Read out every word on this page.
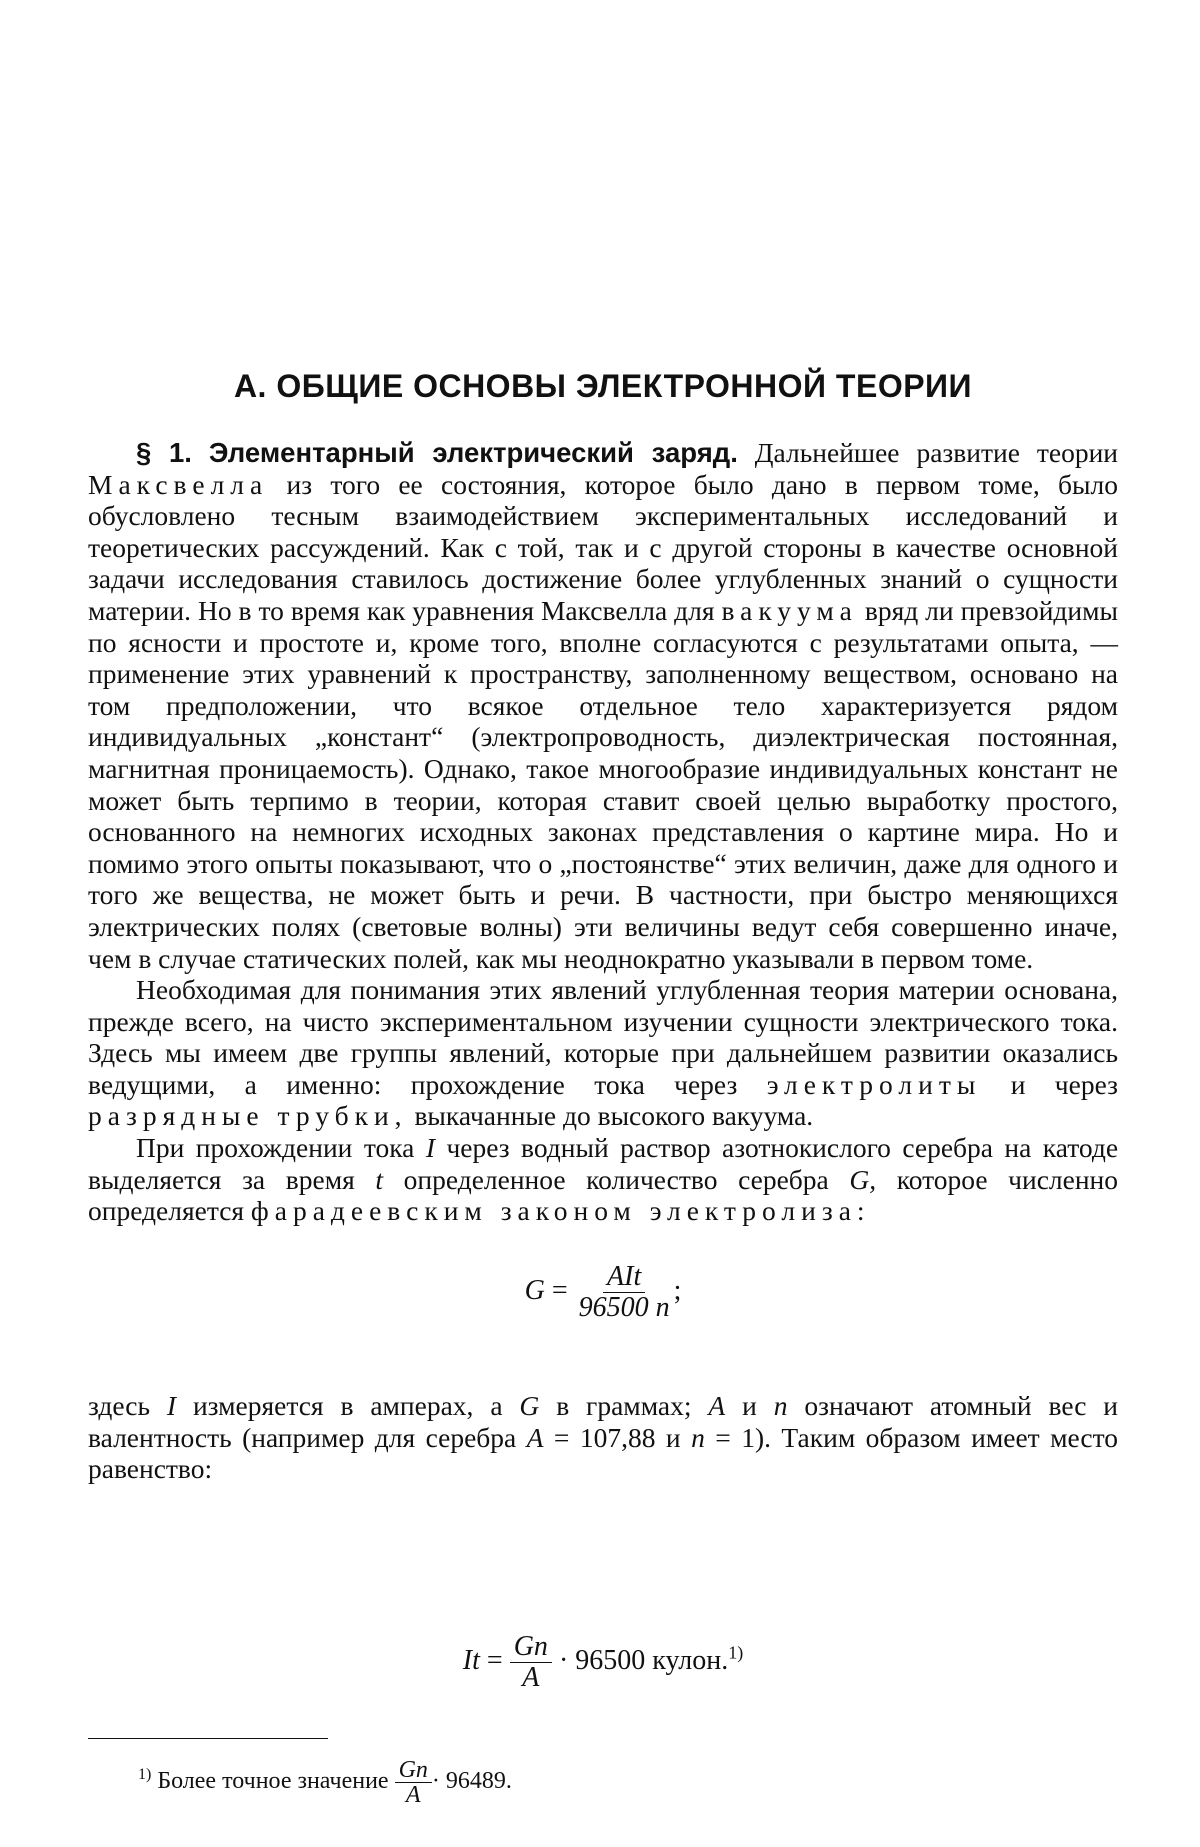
А. ОБЩИЕ ОСНОВЫ ЭЛЕКТРОННОЙ ТЕОРИИ

§ 1. Элементарный электрический заряд. Дальнейшее развитие теории Максвелла из того ее состояния, которое было дано в первом томе, было обусловлено тесным взаимодействием экспериментальных исследований и теоретических рассуждений. Как с той, так и с другой стороны в качестве основной задачи исследования ставилось достижение более углубленных знаний о сущности материи. Но в то время как уравнения Максвелла для вакуума вряд ли превзойдимы по ясности и простоте и, кроме того, вполне согласуются с результатами опыта, — применение этих уравнений к пространству, заполненному веществом, основано на том предположении, что всякое отдельное тело характеризуется рядом индивидуальных „констант“ (электропроводность, диэлектрическая постоянная, магнитная проницаемость). Однако, такое многообразие индивидуальных констант не может быть терпимо в теории, которая ставит своей целью выработку простого, основанного на немногих исходных законах представления о картине мира. Но и помимо этого опыты показывают, что о „постоянстве“ этих величин, даже для одного и того же вещества, не может быть и речи. В частности, при быстро меняющихся электрических полях (световые волны) эти величины ведут себя совершенно иначе, чем в случае статических полей, как мы неоднократно указывали в первом томе.

Необходимая для понимания этих явлений углубленная теория материи основана, прежде всего, на чисто экспериментальном изучении сущности электрического тока. Здесь мы имеем две группы явлений, которые при дальнейшем развитии оказались ведущими, а именно: прохождение тока через электролиты и через разрядные трубки, выкачанные до высокого вакуума.

При прохождении тока I через водный раствор азотнокислого серебра на катоде выделяется за время t определенное количество серебра G, которое численно определяется фарадеевским законом электролиза:

$G = \frac{\text{AIt}}{96500 n}$ ;

здесь I измеряется в амперах, а G в граммах; A и n означают атомный вес и валентность (например для серебра A = 107,88 и n = 1). Таким образом имеет место равенство:

$It = \frac{Gn}{A} \cdot 96500$ кулон.$^{1)}$
$^{1)}$ Более точное значение $\frac{Gn}{A} \cdot 96489$.
